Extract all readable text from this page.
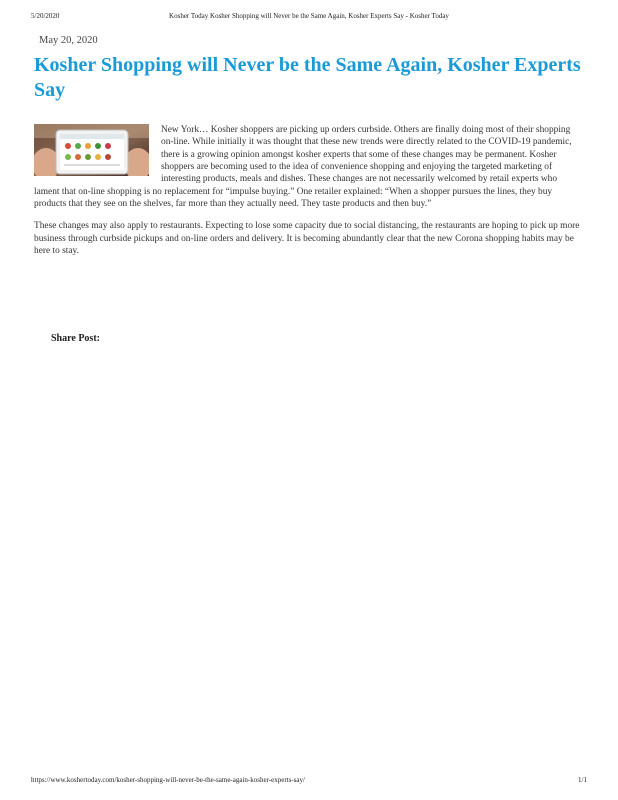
5/20/2020	Kosher Today Kosher Shopping will Never be the Same Again, Kosher Experts Say - Kosher Today
May 20, 2020
Kosher Shopping will Never be the Same Again, Kosher Experts Say

New York… Kosher shoppers are picking up orders curbside. Others are finally doing most of their shopping on-line. While initially it was thought that these new trends were directly related to the COVID-19 pandemic, there is a growing opinion amongst kosher experts that some of these changes may be permanent. Kosher shoppers are becoming used to the idea of convenience shopping and enjoying the targeted marketing of interesting products, meals and dishes. These changes are not necessarily welcomed by retail experts who lament that on-line shopping is no replacement for “impulse buying.” One retailer explained: “When a shopper pursues the lines, they buy products that they see on the shelves, far more than they actually need. They taste products and then buy.”

These changes may also apply to restaurants. Expecting to lose some capacity due to social distancing, the restaurants are hoping to pick up more business through curbside pickups and on-line orders and delivery. It is becoming abundantly clear that the new Corona shopping habits may be here to stay.

Share Post:
https://www.koshertoday.com/kosher-shopping-will-never-be-the-same-again-kosher-experts-say/	1/1
